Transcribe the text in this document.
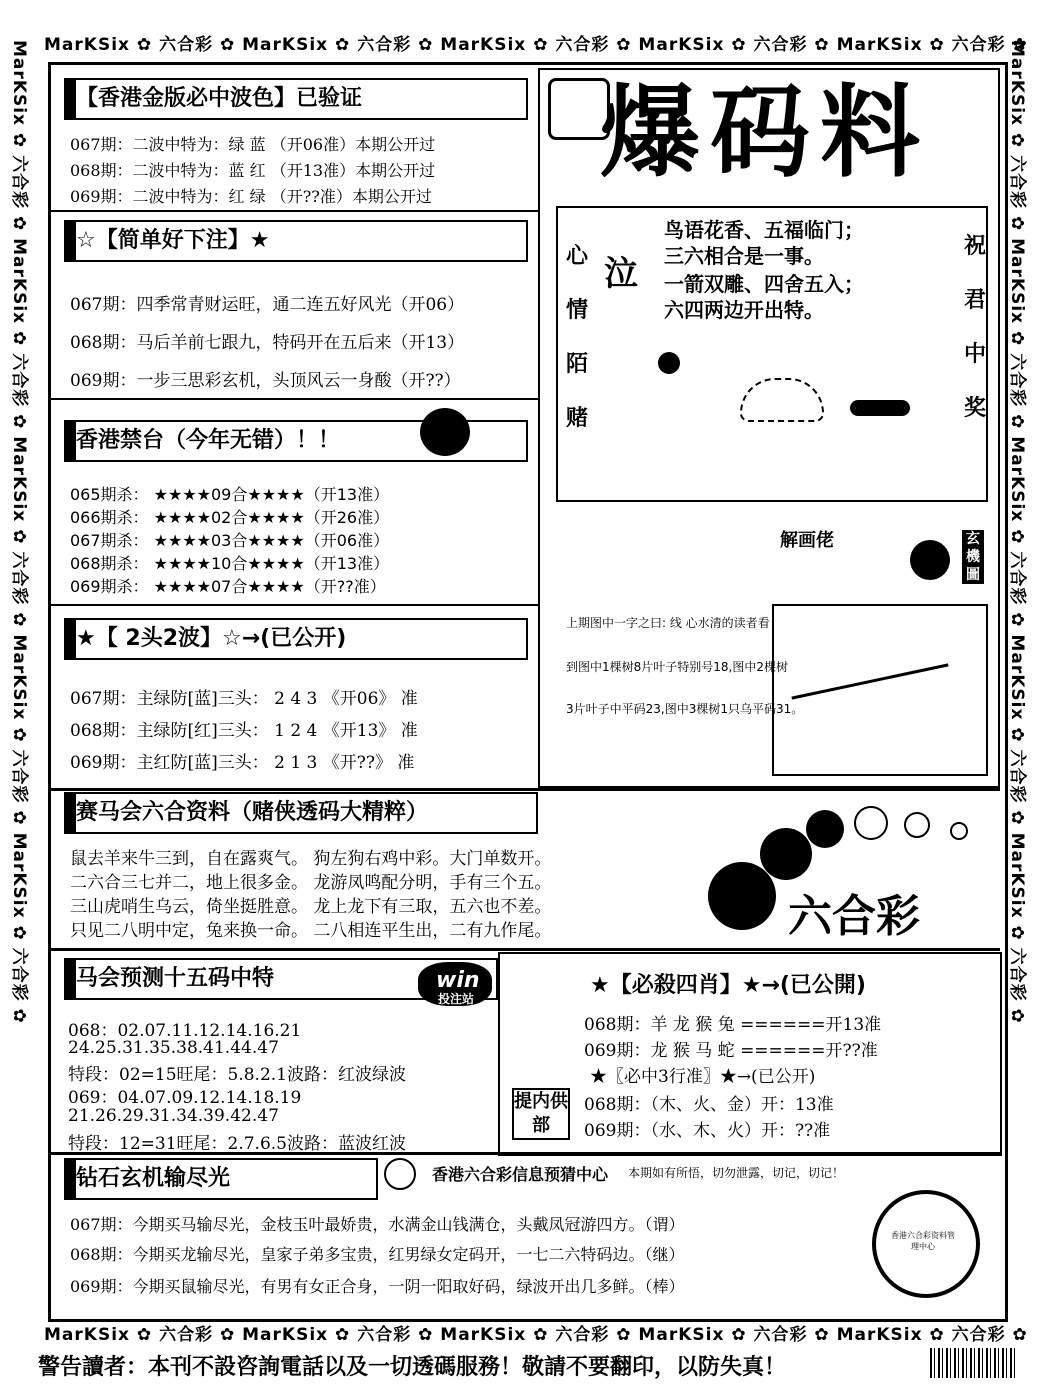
MarKSix ✿ 六合彩 ✿ MarKSix ✿ 六合彩 ✿ MarKSix ✿ 六合彩 ✿ MarKSix ✿ 六合彩 ✿ MarKSix ✿ 六合彩 ✿
MarKSix ✿ 六合彩 ✿ MarKSix ✿ 六合彩 ✿ MarKSix ✿ 六合彩 ✿ MarKSix ✿ 六合彩 ✿ MarKSix ✿ 六合彩 ✿
MarKSix ✿ 六合彩 ✿ MarKSix ✿ 六合彩 ✿ MarKSix ✿ 六合彩 ✿ MarKSix ✿ 六合彩 ✿ MarKSix ✿ 六合彩 ✿	MarKSix ✿ 六合彩 ✿ MarKSix ✿ 六合彩 ✿ MarKSix ✿ 六合彩 ✿ MarKSix ✿ 六合彩 ✿ MarKSix ✿ 六合彩 ✿
【香港金版必中波色】已验证
067期：二波中特为：绿 蓝 （开06准）本期公开过
068期：二波中特为：蓝 红 （开13准）本期公开过
069期：二波中特为：红 绿 （开??准）本期公开过
☆【简单好下注】★
067期：四季常青财运旺，通二连五好风光（开06）
068期：马后羊前七跟九，特码开在五后来（开13）
069期：一步三思彩玄机，头顶风云一身酸（开??）
香港禁台（今年无错）！！
065期杀： ★★★★09合★★★★（开13准）
066期杀： ★★★★02合★★★★（开26准）
067期杀： ★★★★03合★★★★（开06准）
068期杀： ★★★★10合★★★★（开13准）
069期杀： ★★★★07合★★★★（开??准）
★【 2头2波】☆→(已公开)
067期：主绿防[蓝]三头： 2 4 3 《开06》 准
068期：主绿防[红]三头： 1 2 4 《开13》 准
069期：主红防[蓝]三头： 2 1 3 《开??》 准
爆码料
心 情 陌 赌
祝 君 中 奖
泣
鸟语花香、五福临门；
三六相合是一事。
一箭双雕、四舍五入；
六四两边开出特。
解画佬	玄機圖
上期图中一字之曰: 线 心水清的读者看
到图中1棵树8片叶子特别号18,图中2棵树
3片叶子中平码23,图中3棵树1只乌平码31。
赛马会六合资料（赌侠透码大精粹）
鼠去羊来牛三到，自在露爽气。 狗左狗右鸡中彩。大门单数开。
二六合三七并二，地上很多金。 龙游凤鸣配分明，手有三个五。
三山虎哨生乌云，倚坐挺胜意。 龙上龙下有三取，五六也不差。
只见二八明中定，兔来换一命。 二八相连平生出，二有九作尾。	六合彩
马会预测十五码中特	win
投注站
068：02.07.11.12.14.16.21
24.25.31.35.38.41.44.47
特段：02=15旺尾：5.8.2.1波路：红波绿波
069：04.07.09.12.14.18.19
21.26.29.31.34.39.42.47
特段：12=31旺尾：2.7.6.5波路：蓝波红波
★【必殺四肖】★→(已公開)
068期：羊 龙 猴 兔 ======开13准
069期：龙 猴 马 蛇 ======开??准
★〖必中3行准〗★→(已公开)
068期：（木、火、金）开：13准
069期：（水、木、火）开：??准
提内供部
钻石玄机输尽光	香港六合彩信息预猜中心 本期如有所悟，切勿泄露，切记，切记！
067期：今期买马输尽光，金枝玉叶最娇贵，水满金山钱满仓，头戴凤冠游四方。（谓）
068期：今期买龙输尽光，皇家子弟多宝贵，红男绿女定码开，一七二六特码边。（继）
069期：今期买鼠输尽光，有男有女正合身，一阴一阳取好码，绿波开出几多鲜。（棒）
香港六合彩资料管理中心
警告讀者：本刊不設咨詢電話以及一切透碼服務！敬請不要翻印，以防失真！
